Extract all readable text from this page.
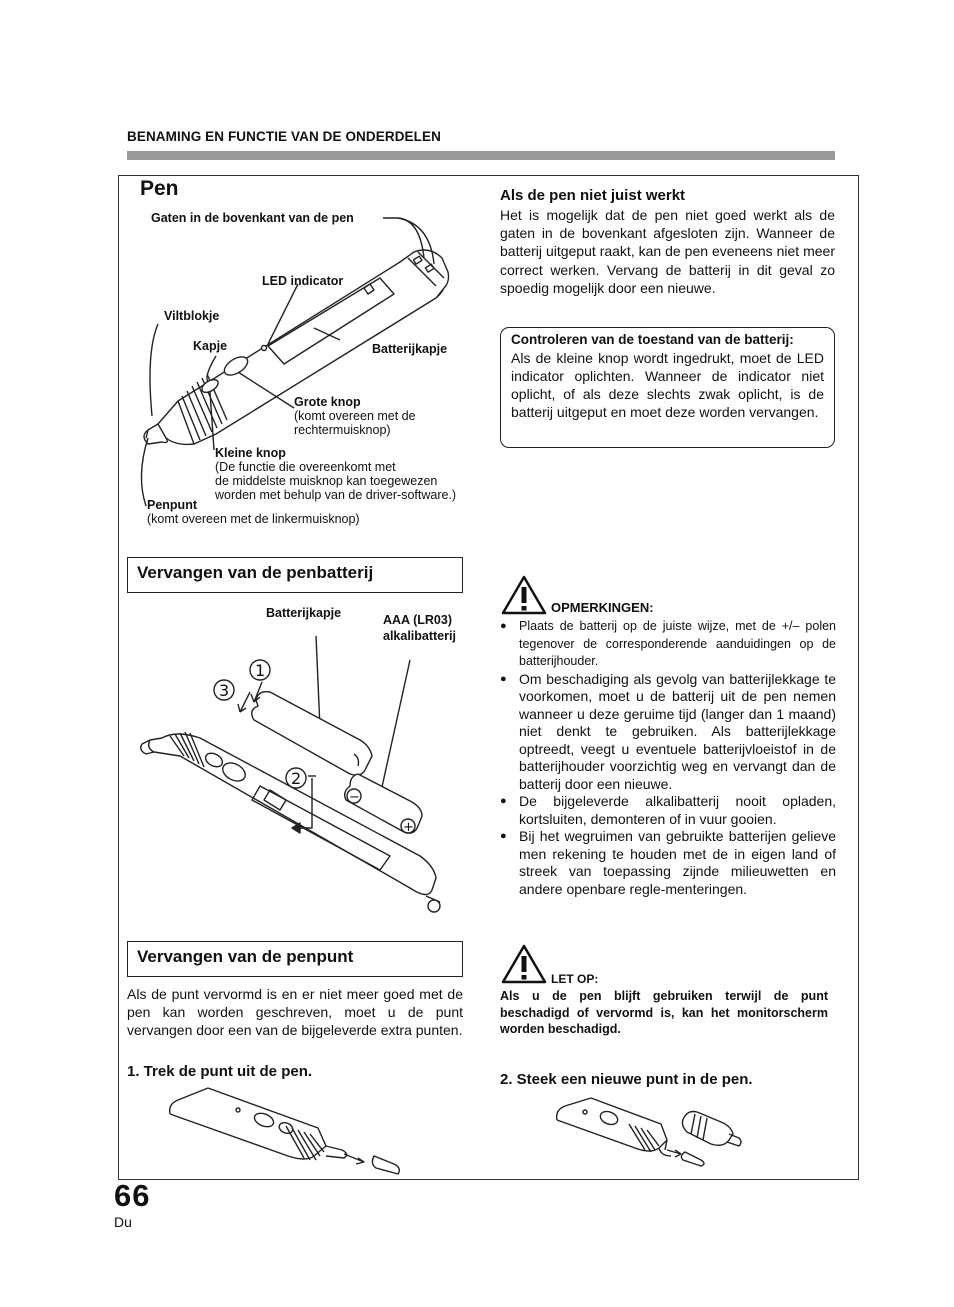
BENAMING EN FUNCTIE VAN DE ONDERDELEN
Pen
Gaten in de bovenkant van de pen
LED indicator
Viltblokje
Kapje	Batterijkapje
Grote knop
(komt overeen met de
rechtermuisknop)
Kleine knop
(De functie die overeenkomt met
de middelste muisknop kan toegewezen
worden met behulp van de driver-software.)
Penpunt
(komt overeen met de linkermuisknop)
Als de pen niet juist werkt
Het is mogelijk dat de pen niet goed werkt als de gaten in de bovenkant afgesloten zijn. Wanneer de batterij uitgeput raakt, kan de pen eveneens niet meer correct werken. Vervang de batterij in dit geval zo spoedig mogelijk door een nieuwe.
Controleren van de toestand van de batterij:
Als de kleine knop wordt ingedrukt, moet de LED indicator oplichten. Wanneer de indicator niet oplicht, of als deze slechts zwak oplicht, is de batterij uitgeput en moet deze worden vervangen.
Vervangen van de penbatterij
Batterijkapje	AAA (LR03)
alkalibatterij
1
3
2
−
+
OPMERKINGEN:
● Plaats de batterij op de juiste wijze, met de +/– polen tegenover de corresponderende aanduidingen op de batterijhouder.
● Om beschadiging als gevolg van batterijlekkage te voorkomen, moet u de batterij uit de pen nemen wanneer u deze geruime tijd (langer dan 1 maand) niet denkt te gebruiken. Als batterijlekkage optreedt, veegt u eventuele batterijvloeistof in de batterijhouder voorzichtig weg en vervangt dan de batterij door een nieuwe.
● De bijgeleverde alkalibatterij nooit opladen, kortsluiten, demonteren of in vuur gooien.
● Bij het wegruimen van gebruikte batterijen gelieve men rekening te houden met de in eigen land of streek van toepassing zijnde milieuwetten en andere openbare regle-menteringen.
Vervangen van de penpunt
Als de punt vervormd is en er niet meer goed met de pen kan worden geschreven, moet u de punt vervangen door een van de bijgeleverde extra punten.
1. Trek de punt uit de pen.
LET OP:
Als u de pen blijft gebruiken terwijl de punt beschadigd of vervormd is, kan het monitorscherm worden beschadigd.
2. Steek een nieuwe punt in de pen.
66
Du
